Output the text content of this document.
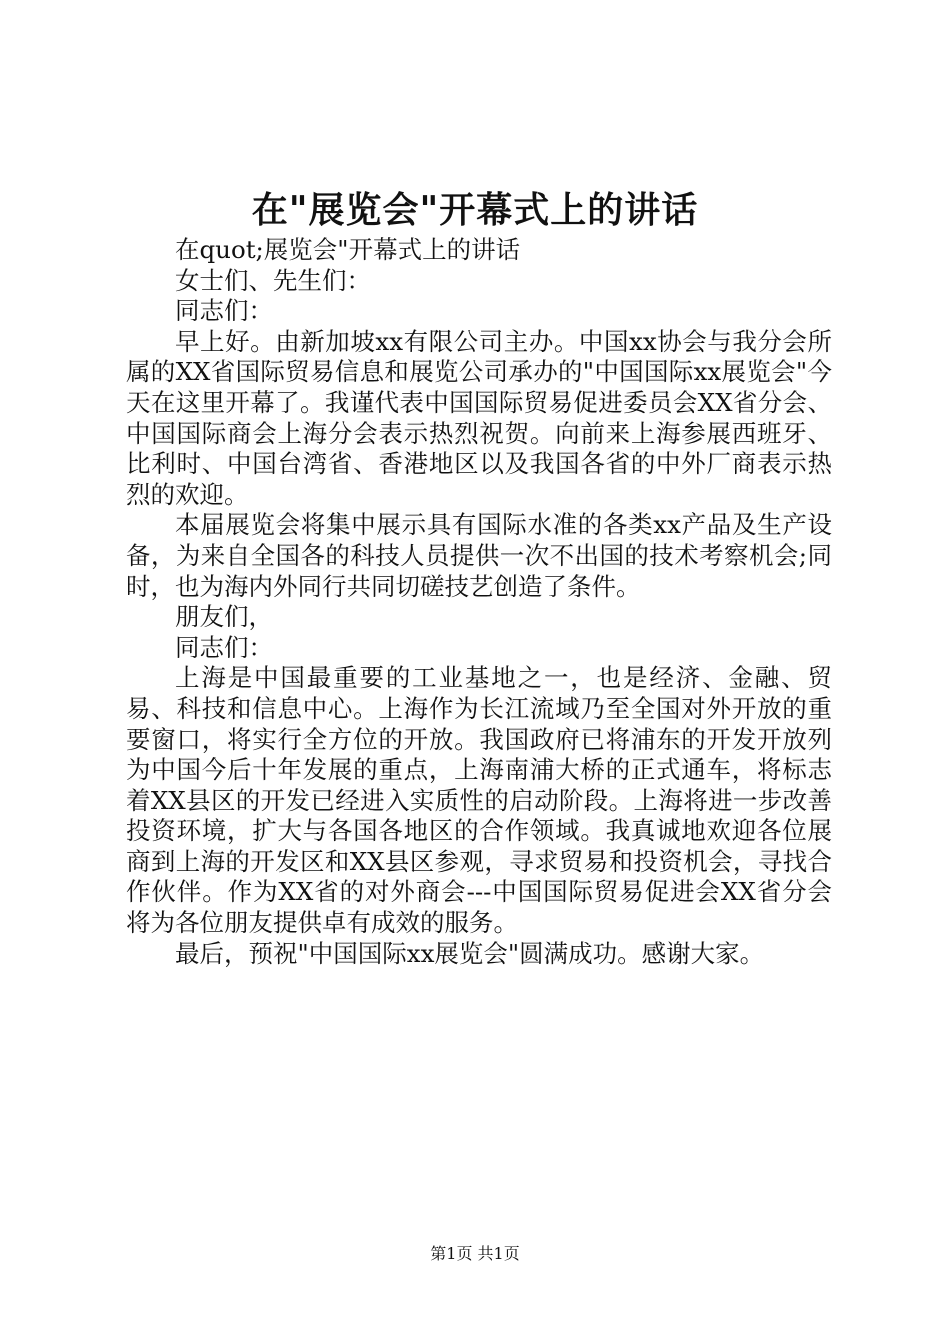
在"展览会"开幕式上的讲话

在quot;展览会"开幕式上的讲话

女士们、先生们：

同志们：

早上好。由新加坡xx有限公司主办。中国xx协会与我分会所属的XX省国际贸易信息和展览公司承办的"中国国际xx展览会"今天在这里开幕了。我谨代表中国国际贸易促进委员会XX省分会、中国国际商会上海分会表示热烈祝贺。向前来上海参展西班牙、比利时、中国台湾省、香港地区以及我国各省的中外厂商表示热烈的欢迎。

本届展览会将集中展示具有国际水准的各类xx产品及生产设备，为来自全国各的科技人员提供一次不出国的技术考察机会;同时，也为海内外同行共同切磋技艺创造了条件。

朋友们，

同志们：

上海是中国最重要的工业基地之一，也是经济、金融、贸易、科技和信息中心。上海作为长江流域乃至全国对外开放的重要窗口，将实行全方位的开放。我国政府已将浦东的开发开放列为中国今后十年发展的重点，上海南浦大桥的正式通车，将标志着XX县区的开发已经进入实质性的启动阶段。上海将进一步改善投资环境，扩大与各国各地区的合作领域。我真诚地欢迎各位展商到上海的开发区和XX县区参观，寻求贸易和投资机会，寻找合作伙伴。作为XX省的对外商会---中国国际贸易促进会XX省分会将为各位朋友提供卓有成效的服务。

最后，预祝"中国国际xx展览会"圆满成功。感谢大家。

第1页 共1页
